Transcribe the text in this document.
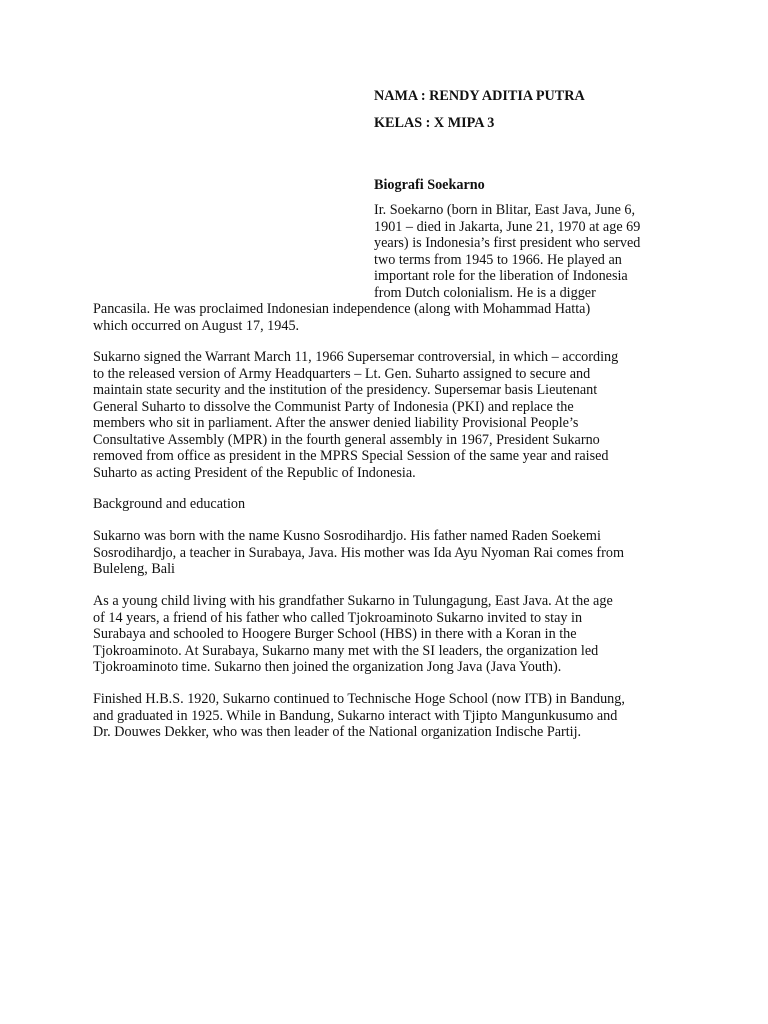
NAMA : RENDY ADITIA PUTRA
KELAS : X MIPA 3
Biografi Soekarno
Ir. Soekarno (born in Blitar, East Java, June 6,
1901 – died in Jakarta, June 21, 1970 at age 69
years) is Indonesia’s first president who served
two terms from 1945 to 1966. He played an
important role for the liberation of Indonesia
from Dutch colonialism. He is a digger
Pancasila. He was proclaimed Indonesian independence (along with Mohammad Hatta)
which occurred on August 17, 1945.
Sukarno signed the Warrant March 11, 1966 Supersemar controversial, in which – according
to the released version of Army Headquarters – Lt. Gen. Suharto assigned to secure and
maintain state security and the institution of the presidency. Supersemar basis Lieutenant
General Suharto to dissolve the Communist Party of Indonesia (PKI) and replace the
members who sit in parliament. After the answer denied liability Provisional People’s
Consultative Assembly (MPR) in the fourth general assembly in 1967, President Sukarno
removed from office as president in the MPRS Special Session of the same year and raised
Suharto as acting President of the Republic of Indonesia.
Background and education
Sukarno was born with the name Kusno Sosrodihardjo. His father named Raden Soekemi
Sosrodihardjo, a teacher in Surabaya, Java. His mother was Ida Ayu Nyoman Rai comes from
Buleleng, Bali
As a young child living with his grandfather Sukarno in Tulungagung, East Java. At the age
of 14 years, a friend of his father who called Tjokroaminoto Sukarno invited to stay in
Surabaya and schooled to Hoogere Burger School (HBS) in there with a Koran in the
Tjokroaminoto. At Surabaya, Sukarno many met with the SI leaders, the organization led
Tjokroaminoto time. Sukarno then joined the organization Jong Java (Java Youth).
Finished H.B.S. 1920, Sukarno continued to Technische Hoge School (now ITB) in Bandung,
and graduated in 1925. While in Bandung, Sukarno interact with Tjipto Mangunkusumo and
Dr. Douwes Dekker, who was then leader of the National organization Indische Partij.
